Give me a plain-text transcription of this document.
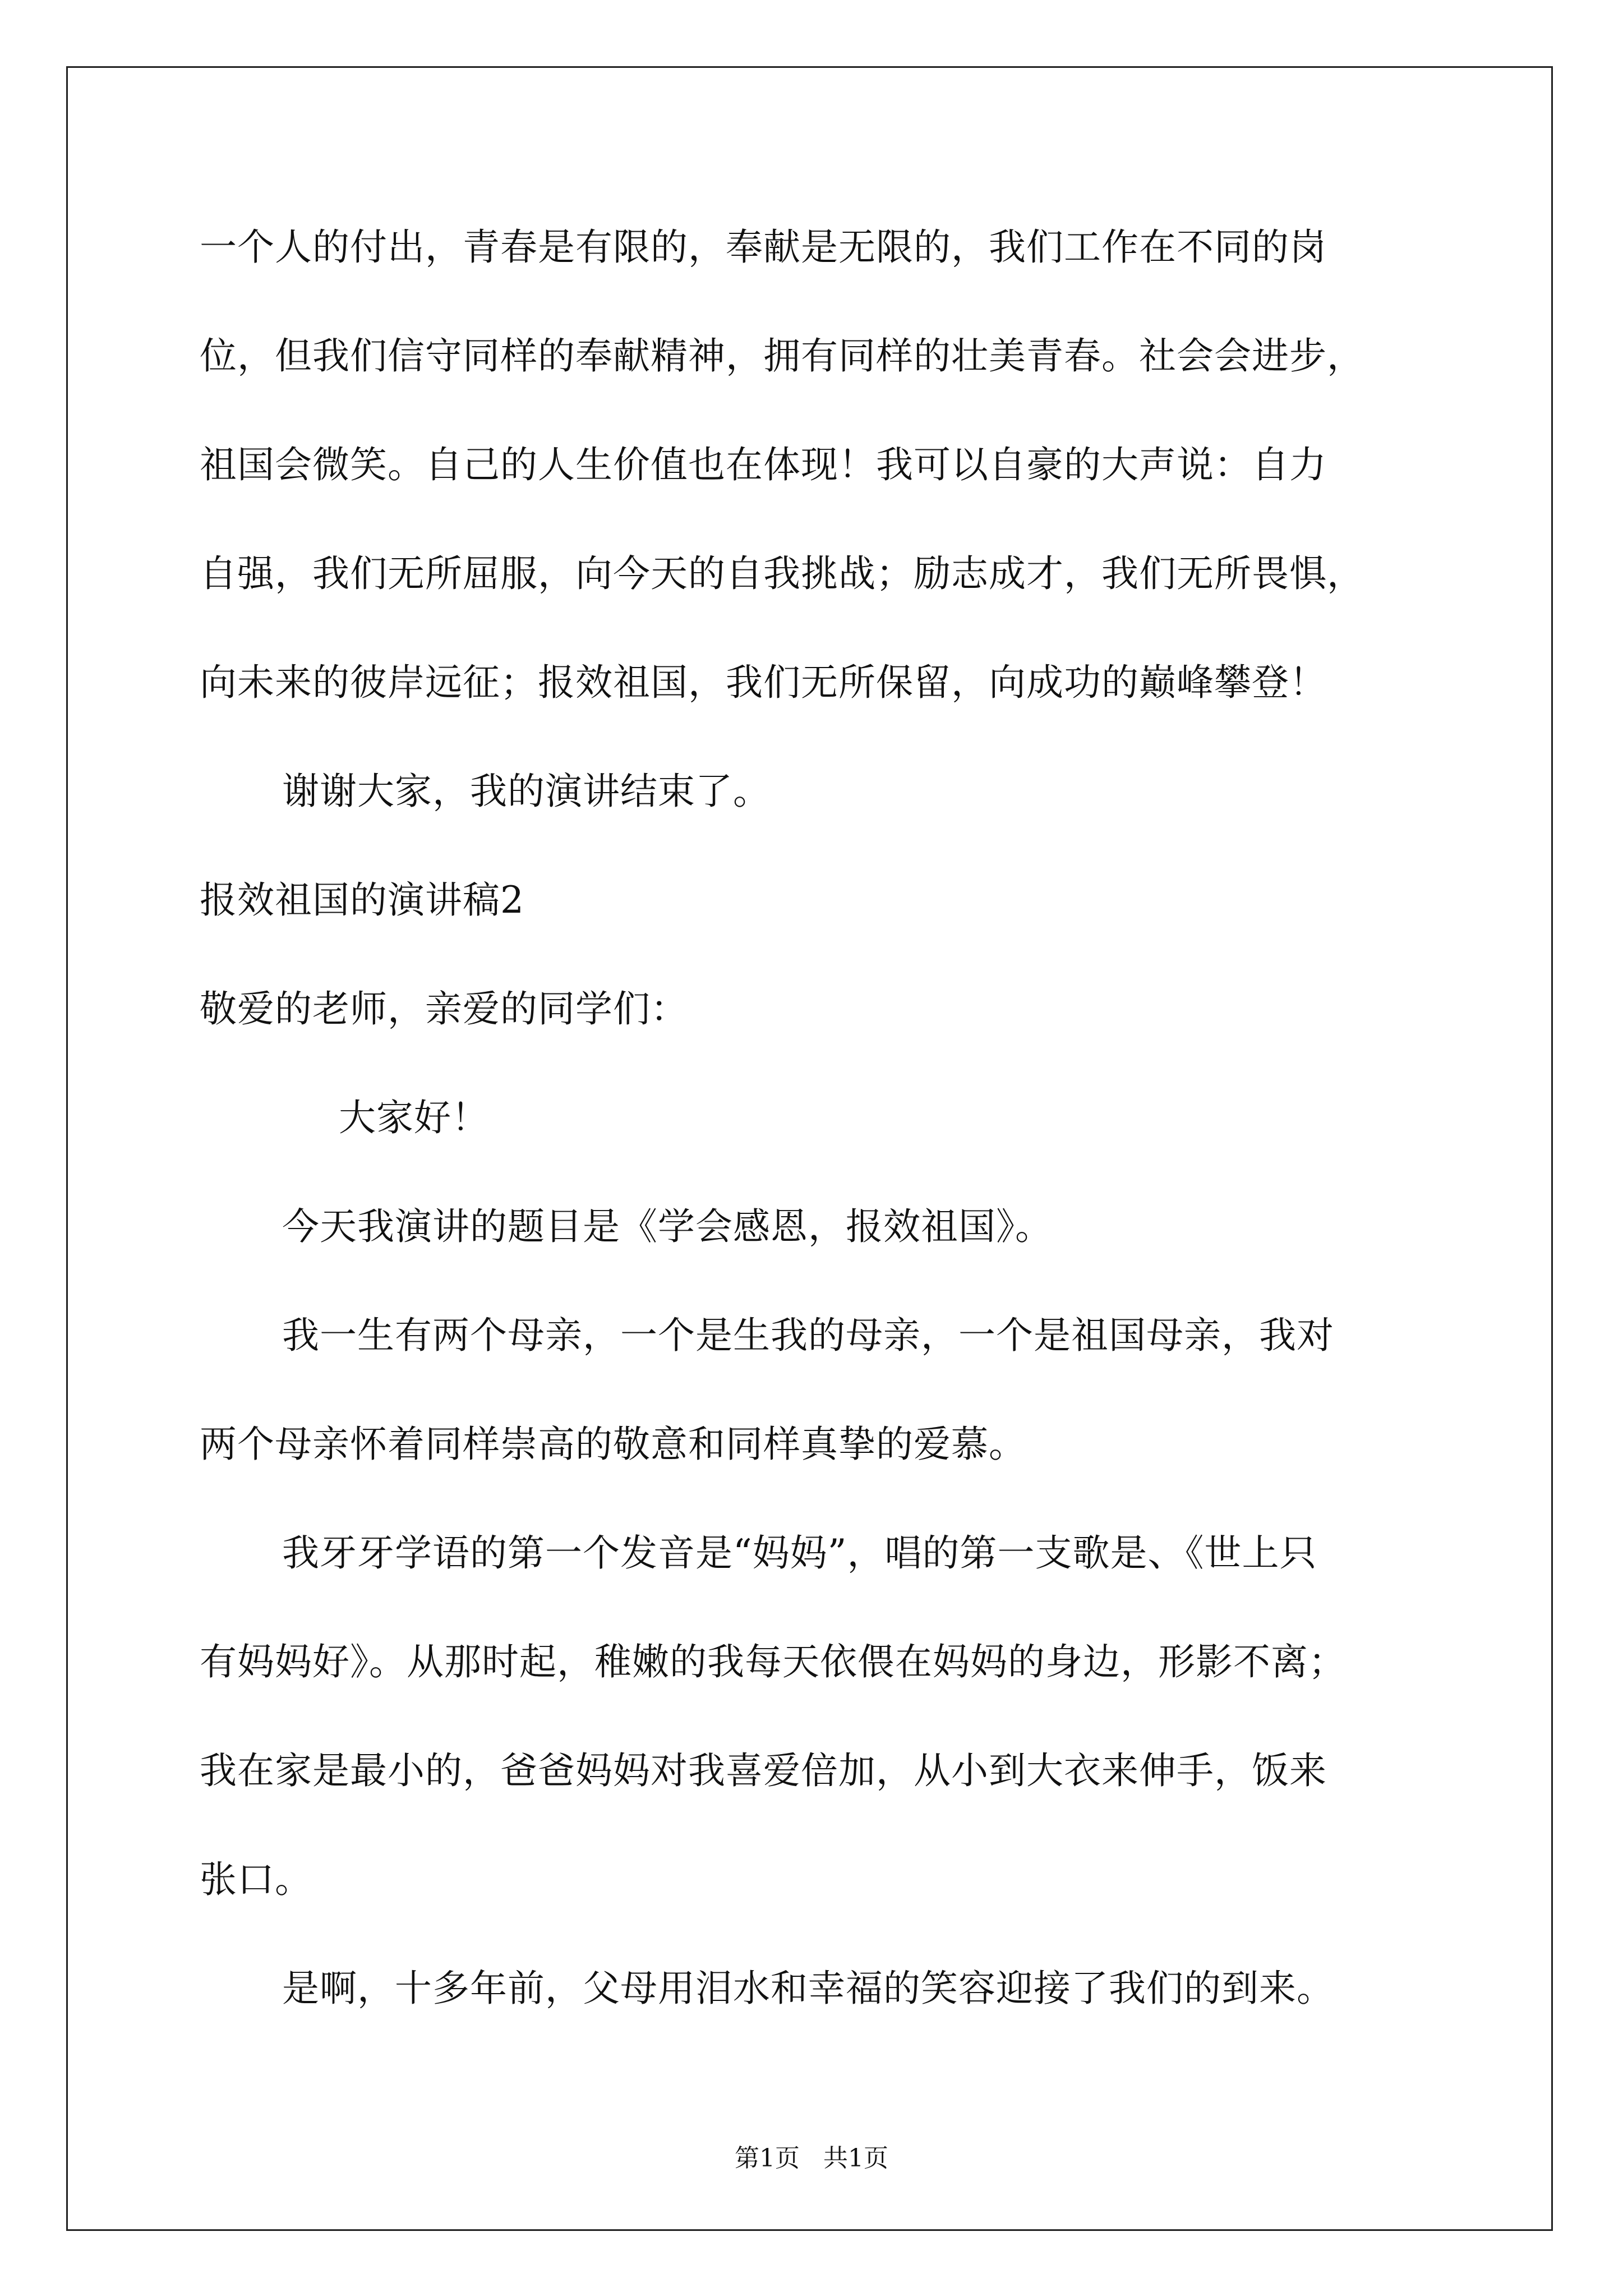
一个人的付出，青春是有限的，奉献是无限的，我们工作在不同的岗
位，但我们信守同样的奉献精神，拥有同样的壮美青春。社会会进步，
祖国会微笑。自己的人生价值也在体现！我可以自豪的大声说：自力
自强，我们无所屈服，向今天的自我挑战；励志成才，我们无所畏惧，
向未来的彼岸远征；报效祖国，我们无所保留，向成功的巅峰攀登！
谢谢大家，我的演讲结束了。
报效祖国的演讲稿2
敬爱的老师，亲爱的同学们：
大家好！
今天我演讲的题目是《学会感恩，报效祖国》。
我一生有两个母亲，一个是生我的母亲，一个是祖国母亲，我对
两个母亲怀着同样崇高的敬意和同样真挚的爱慕。
我牙牙学语的第一个发音是“妈妈”，唱的第一支歌是、《世上只
有妈妈好》。从那时起，稚嫩的我每天依偎在妈妈的身边，形影不离；
我在家是最小的，爸爸妈妈对我喜爱倍加，从小到大衣来伸手，饭来
张口。
是啊，十多年前，父母用泪水和幸福的笑容迎接了我们的到来。
第1页   共1页
